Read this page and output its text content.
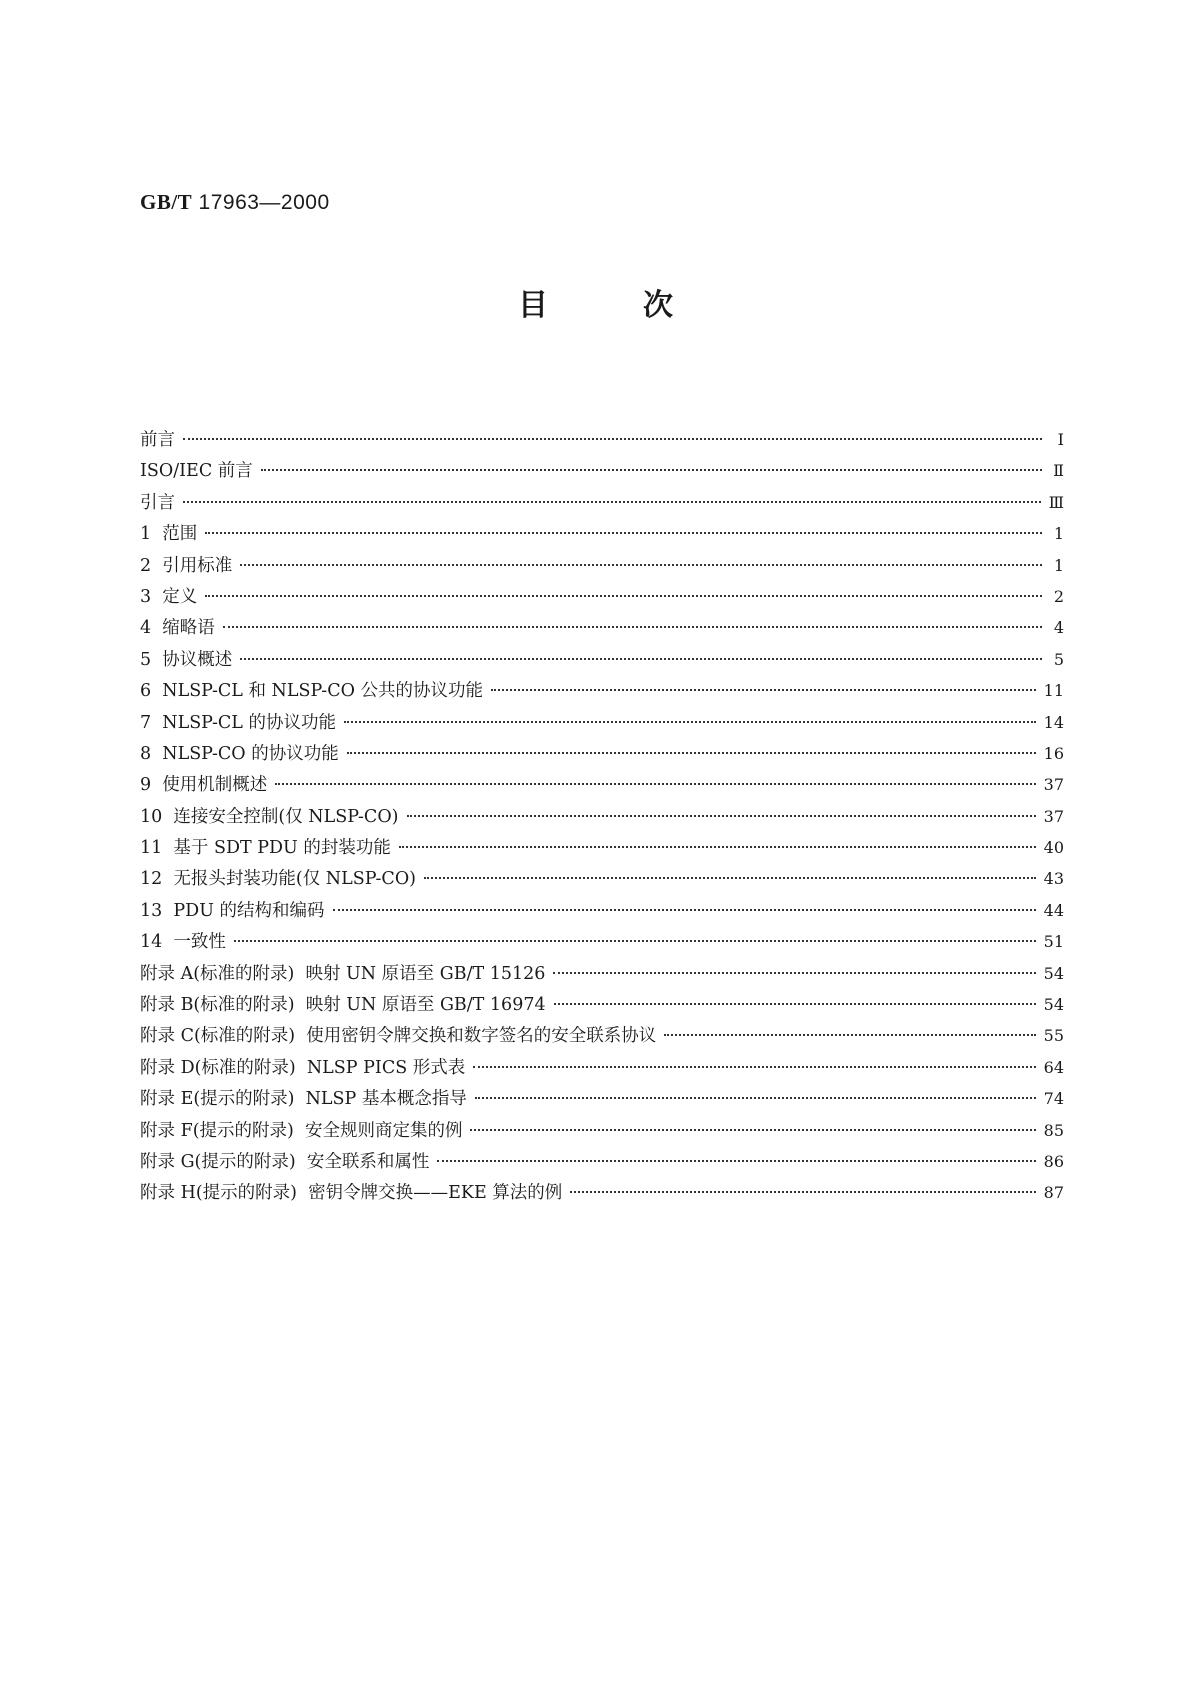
GB/T 17963—2000
目	次
前言	Ⅰ
ISO/IEC 前言	Ⅱ
引言	Ⅲ
1  范围	1
2  引用标准	1
3  定义	2
4  缩略语	4
5  协议概述	5
6  NLSP-CL 和 NLSP-CO 公共的协议功能	11
7  NLSP-CL 的协议功能	14
8  NLSP-CO 的协议功能	16
9  使用机制概述	37
10  连接安全控制(仅 NLSP-CO)	37
11  基于 SDT PDU 的封装功能	40
12  无报头封装功能(仅 NLSP-CO)	43
13  PDU 的结构和编码	44
14  一致性	51
附录 A(标准的附录)  映射 UN 原语至 GB/T 15126	54
附录 B(标准的附录)  映射 UN 原语至 GB/T 16974	54
附录 C(标准的附录)  使用密钥令牌交换和数字签名的安全联系协议	55
附录 D(标准的附录)  NLSP PICS 形式表	64
附录 E(提示的附录)  NLSP 基本概念指导	74
附录 F(提示的附录)  安全规则商定集的例	85
附录 G(提示的附录)  安全联系和属性	86
附录 H(提示的附录)  密钥令牌交换——EKE 算法的例	87
